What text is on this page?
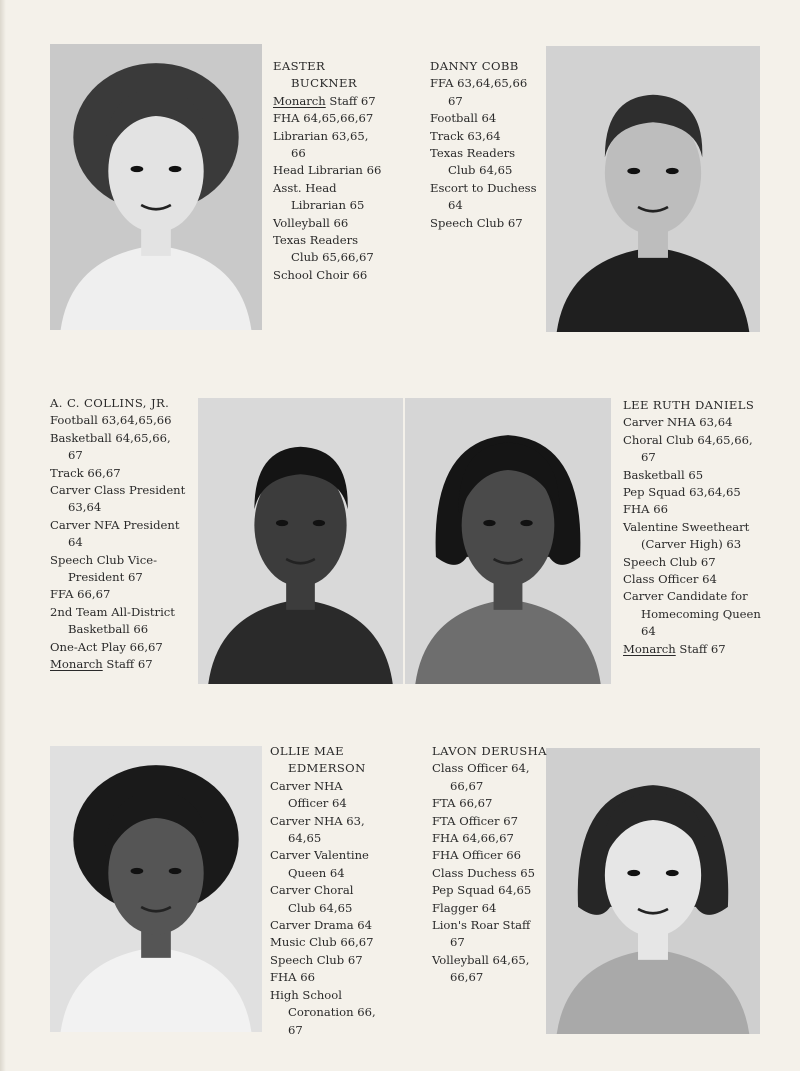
EASTER
BUCKNER
Monarch Staff 67
FHA 64,65,66,67
Librarian 63,65,
66
Head Librarian 66
Asst. Head
Librarian 65
Volleyball 66
Texas Readers
Club 65,66,67
School Choir 66
DANNY COBB
FFA 63,64,65,66
67
Football 64
Track 63,64
Texas Readers
Club 64,65
Escort to Duchess
64
Speech Club 67
A. C. COLLINS, JR.
Football 63,64,65,66
Basketball 64,65,66,
67
Track 66,67
Carver Class President
63,64
Carver NFA President
64
Speech Club Vice-
President 67
FFA 66,67
2nd Team All-District
Basketball 66
One-Act Play 66,67
Monarch Staff 67
LEE RUTH DANIELS
Carver NHA 63,64
Choral Club 64,65,66,
67
Basketball 65
Pep Squad 63,64,65
FHA 66
Valentine Sweetheart
(Carver High) 63
Speech Club 67
Class Officer 64
Carver Candidate for
Homecoming Queen
64
Monarch Staff 67
OLLIE MAE
EDMERSON
Carver NHA
Officer 64
Carver NHA 63,
64,65
Carver Valentine
Queen 64
Carver Choral
Club 64,65
Carver Drama 64
Music Club 66,67
Speech Club 67
FHA 66
High School
Coronation 66,
67
LAVON DERUSHA
Class Officer 64,
66,67
FTA 66,67
FTA Officer 67
FHA 64,66,67
FHA Officer 66
Class Duchess 65
Pep Squad 64,65
Flagger 64
Lion's Roar Staff
67
Volleyball 64,65,
66,67
